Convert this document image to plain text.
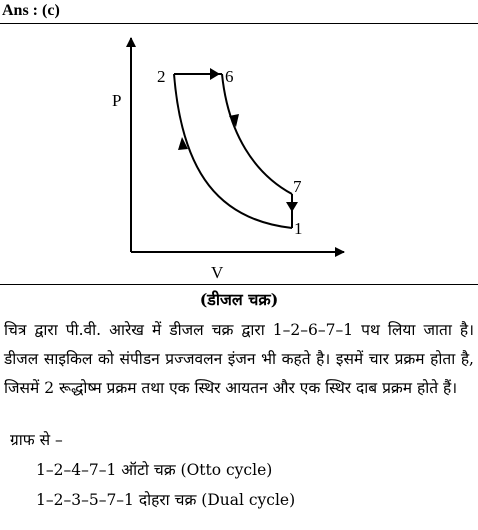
Ans : (c)
P
V
2	6
7
1
(डीजल चक्र)
चित्र द्वारा पी.वी. आरेख में डीजल चक्र द्वारा 1–2–6–7–1 पथ लिया जाता है। डीजल साइकिल को संपीडन प्रज्जवलन इंजन भी कहते है। इसमें चार प्रक्रम होता है, जिसमें 2 रूद्धोष्म प्रक्रम तथा एक स्थिर आयतन और एक स्थिर दाब प्रक्रम होते हैं।
ग्राफ से –
1–2–4–7–1 ऑटो चक्र (Otto cycle)
1–2–3–5–7–1 दोहरा चक्र (Dual cycle)
